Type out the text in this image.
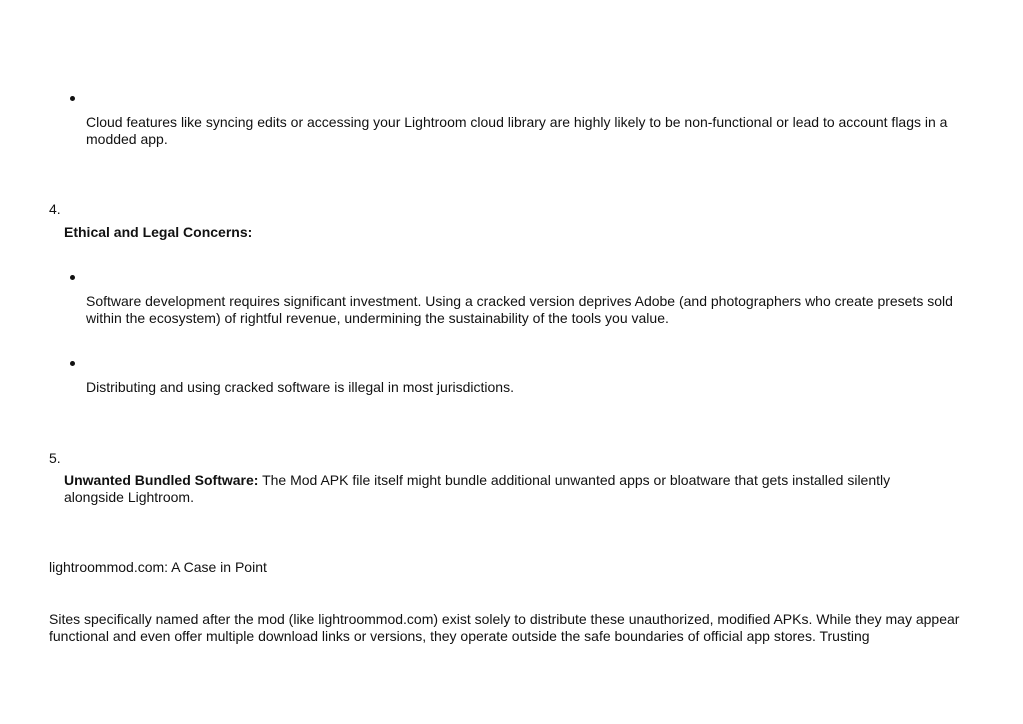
Cloud features like syncing edits or accessing your Lightroom cloud library are highly likely to be non-functional or lead to account flags in a modded app.
4.
Ethical and Legal Concerns:
Software development requires significant investment. Using a cracked version deprives Adobe (and photographers who create presets sold within the ecosystem) of rightful revenue, undermining the sustainability of the tools you value.
Distributing and using cracked software is illegal in most jurisdictions.
5.
Unwanted Bundled Software: The Mod APK file itself might bundle additional unwanted apps or bloatware that gets installed silently alongside Lightroom.
lightroommod.com: A Case in Point
Sites specifically named after the mod (like lightroommod.com) exist solely to distribute these unauthorized, modified APKs. While they may appear functional and even offer multiple download links or versions, they operate outside the safe boundaries of official app stores. Trusting
